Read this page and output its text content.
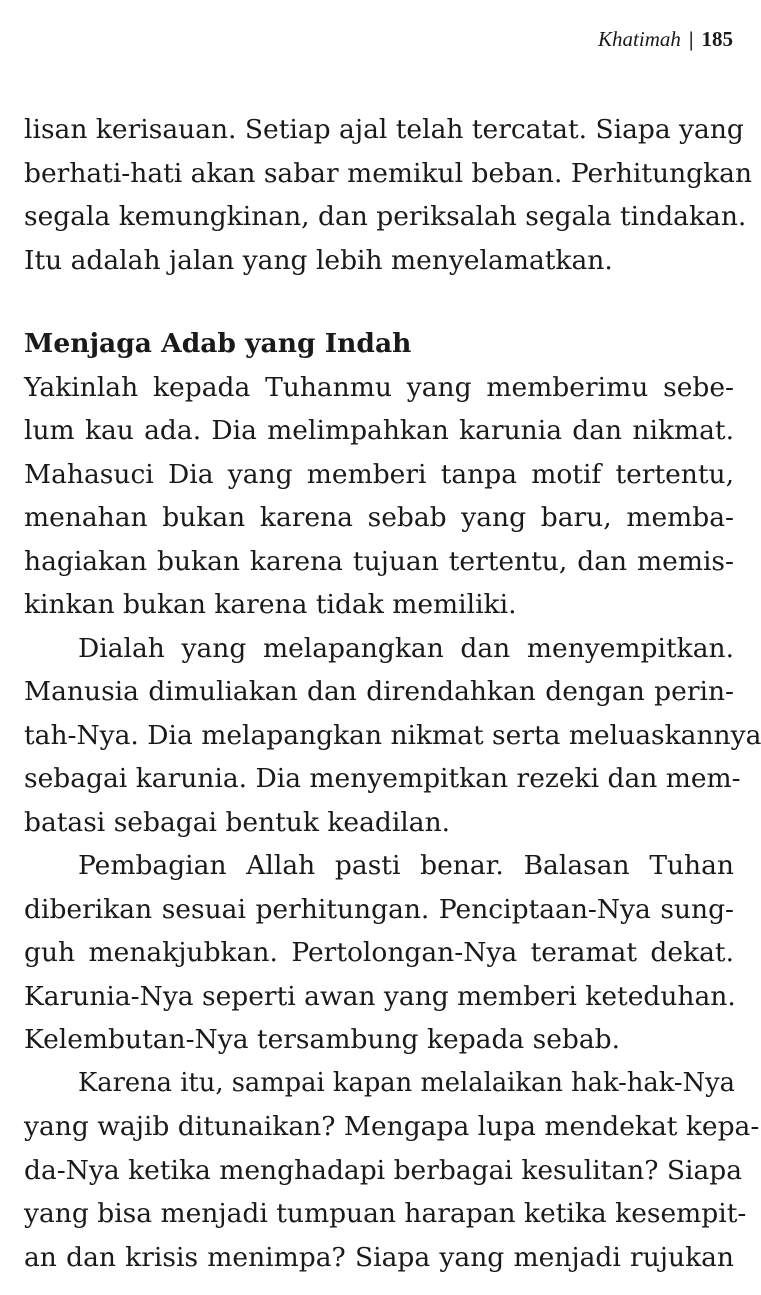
Khatimah | 185

lisan kerisauan. Setiap ajal telah tercatat. Siapa yang
berhati-hati akan sabar memikul beban. Perhitungkan
segala kemungkinan, dan periksalah segala tindakan.
Itu adalah jalan yang lebih menyelamatkan.

Menjaga Adab yang Indah

Yakinlah kepada Tuhanmu yang memberimu sebe-
lum kau ada. Dia melimpahkan karunia dan nikmat.
Mahasuci Dia yang memberi tanpa motif tertentu,
menahan bukan karena sebab yang baru, memba-
hagiakan bukan karena tujuan tertentu, dan memis-
kinkan bukan karena tidak memiliki.

Dialah yang melapangkan dan menyempitkan.
Manusia dimuliakan dan direndahkan dengan perin-
tah-Nya. Dia melapangkan nikmat serta meluaskannya
sebagai karunia. Dia menyempitkan rezeki dan mem-
batasi sebagai bentuk keadilan.

Pembagian Allah pasti benar. Balasan Tuhan
diberikan sesuai perhitungan. Penciptaan-Nya sung-
guh menakjubkan. Pertolongan-Nya teramat dekat.
Karunia-Nya seperti awan yang memberi keteduhan.
Kelembutan-Nya tersambung kepada sebab.

Karena itu, sampai kapan melalaikan hak-hak-Nya
yang wajib ditunaikan? Mengapa lupa mendekat kepa-
da-Nya ketika menghadapi berbagai kesulitan? Siapa
yang bisa menjadi tumpuan harapan ketika kesempit-
an dan krisis menimpa? Siapa yang menjadi rujukan
